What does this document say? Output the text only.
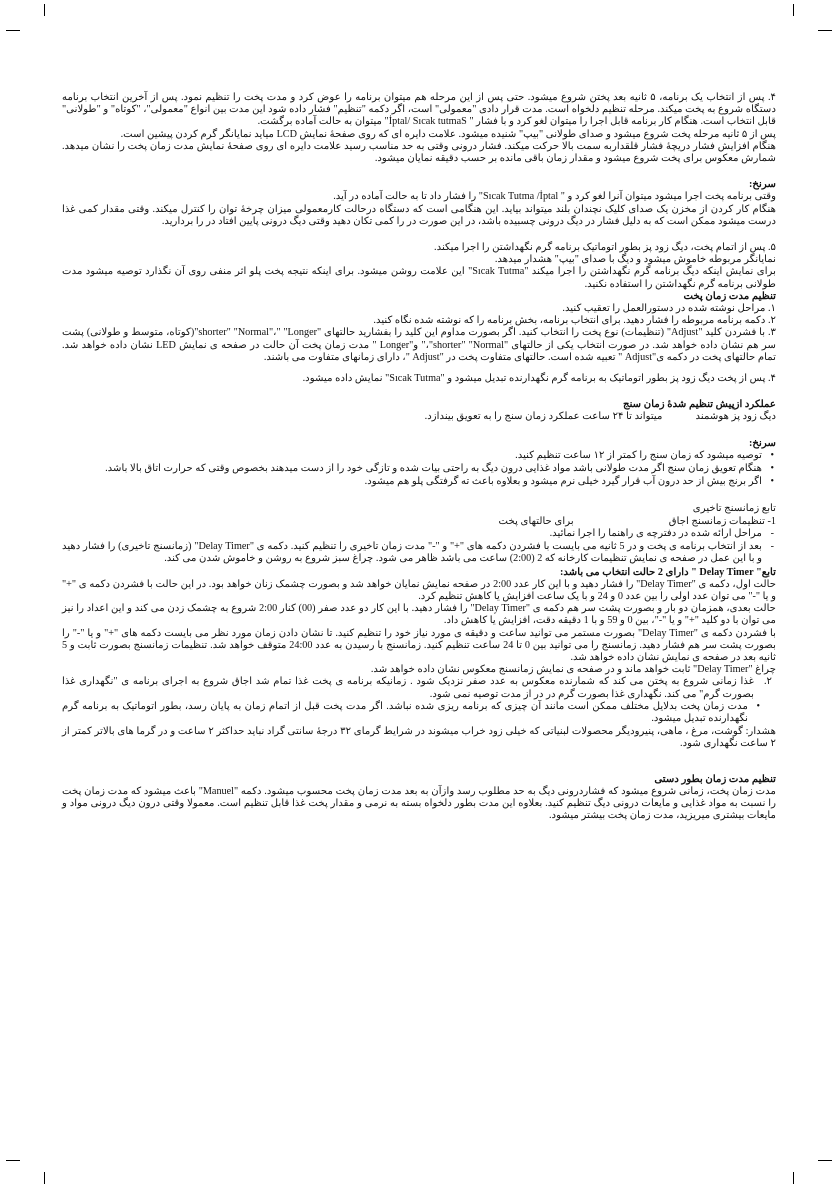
۴. پس از انتخاب یک برنامه، ۵ ثانیه بعد پختن شروع میشود. حتی پس از این مرحله هم میتوان برنامه را عوض کرد و مدت پخت را تنظیم نمود. پس از آخرین انتخاب برنامه دستگاه شروع به پخت میکند. مرحله تنظیم دلخواه است. مدت قرار دادی "معمولی" است، اگر دکمه "تنظیم" فشار داده شود این مدت بین انواع "معمولی"، "کوتاه" و "طولانی" قابل انتخاب است. هنگام کار برنامه قابل اجرا را میتوان لغو کرد و با فشار " İptal/ Sıcak tutmaS" میتوان به حالت آماده برگشت.

پس از ۵ ثانیه مرحله پخت شروع میشود و صدای طولانی "بیپ" شنیده میشود. علامت دایره ای که روی صفحهٔ نمایش LCD میاید نمایانگر گرم کردن پیشین است.

هنگام افزایش فشار دریچهٔ فشار قلقداربه سمت بالا حرکت میکند. فشار درونی وقتی به حد مناسب رسید علامت دایره ای روی صفحهٔ نمایش مدت زمان پخت را نشان میدهد. شمارش معکوس برای پخت شروع میشود و مقدار زمان باقی مانده بر حسب دقیقه نمایان میشود.

سرنخ:

وقتی برنامه پخت اجرا میشود میتوان آنرا لغو کرد و " Sıcak Tutma /İptal" را فشار داد تا به حالت آماده در آید.

هنگام کار کردن از مخزن یک صدای کلیک نچندان بلند میتواند بیاید. این هنگامی است که دستگاه درحالت کارمعمولی میزان چرخهٔ توان را کنترل میکند. وقتی مقدار کمی غذا درست میشود ممکن است که به دلیل فشار در دیگ درونی چسبیده باشد، در این صورت در را کمی تکان دهید وقتی دیگ درونی پایین افتاد در را بردارید.

۵. پس از اتمام پخت، دیگ زود پز بطور اتوماتیک برنامه گرم نگهداشتن را اجرا میکند.

نمایانگر مربوطه خاموش میشود و دیگ با صدای "بیپ" هشدار میدهد.

برای نمایش اینکه دیگ برنامه گرم نگهداشتن را اجرا میکند "Sıcak Tutma" این علامت روشن میشود. برای اینکه نتیجه پخت پلو اثر منفی روی آن نگذارد توصیه میشود مدت طولانی برنامه گرم نگهداشتن را استفاده نکنید.

تنظیم مدت زمان پخت

۱. مراحل نوشته شده در دستورالعمل را تعقیب کنید.

۲. دکمه برنامه مربوطه را فشار دهید. برای انتخاب برنامه، بخش برنامه را که نوشته شده نگاه کنید.

۳. با فشردن کلید "Adjust" (تنظیمات) نوع پخت را انتخاب کنید. اگر بصورت مداوم این کلید را بفشارید حالتهای "shorter" "Normal"،" "Longer"(کوتاه، متوسط و طولانی) پشت سر هم نشان داده خواهد شد. در صورت انتخاب یکی از حالتهای "shorter" "Normal"،" و"Longer " مدت زمان پخت آن حالت در صفحه ی نمایش LED نشان داده خواهد شد. تمام حالتهای پخت در دکمه ی"Adjust " تعبیه شده است. حالتهای متفاوت پخت در "Adjust "، دارای زمانهای متفاوت می باشند.

۴. پس از پخت دیگ زود پز بطور اتوماتیک به برنامه گرم نگهدارنده تبدیل میشود و "Sıcak Tutma" نمایش داده میشود.

عملکرد ازپیش تنظیم شدهٔ زمان سنج

دیگ زود پز هوشمند  میتواند تا ۲۴ ساعت عملکرد زمان سنج را به تعویق بیندازد.

سرنخ:

• توصیه میشود که زمان سنج را کمتر از ۱۲ ساعت تنظیم کنید.
• هنگام تعویق زمان سنج اگر مدت طولانی باشد مواد غذایی درون دیگ به راحتی بیات شده و تازگی خود را از دست میدهند بخصوص وقتی که حرارت اتاق بالا باشد.
• اگر برنج بیش از حد درون آب قرار گیرد خیلی نرم میشود و بعلاوه باعث ته گرفتگی پلو هم میشود.

تابع زمانسنج تاخیری

1- تنظیمات زمانسنج اجاق  برای حالتهای پخت

- مراحل ارائه شده در دفترچه ی راهنما را اجرا نمائید.
- بعد از انتخاب برنامه ی پخت و در 5 ثانیه می بایست با فشردن دکمه های "+" و "-" مدت زمان تاخیری را تنظیم کنید. دکمه ی "Delay Timer" (زمانسنج تاخیری) را فشار دهید و با این عمل در صفحه ی نمایش تنظیمات کارخانه که 2 (2:00) ساعت می باشد ظاهر می شود. چراغ سبز شروع به روشن و خاموش شدن می کند.

تابع" Delay Timer " دارای 2 حالت انتخاب می باشد:

حالت اول، دکمه ی "Delay Timer" را فشار دهید و با این کار عدد 2:00 در صفحه نمایش نمایان خواهد شد و بصورت چشمک زنان خواهد بود. در این حالت با فشردن دکمه ی "+" و یا "-" می توان عدد اولی را بین عدد 0 و 24 و با یک ساعت افزایش یا کاهش تنظیم کرد.

حالت بعدی، همزمان دو بار و بصورت پشت سر هم دکمه ی "Delay Timer" را فشار دهید. با این کار دو عدد صفر (00) کنار 2:00 شروع به چشمک زدن می کند و این اعداد را نیز می توان با دو کلید "+" و یا "-"، بین 0 و 59 و با 1 دقیقه دقت، افزایش یا کاهش داد.

با فشردن دکمه ی "Delay Timer" بصورت مستمر می توانید ساعت و دقیقه ی مورد نیاز خود را تنظیم کنید. تا نشان دادن زمان مورد نظر می بایست دکمه های "+" و یا "-" را بصورت پشت سر هم فشار دهید. زمانسنج را می توانید بین 0 تا 24 ساعت تنظیم کنید. زمانسنج با رسیدن به عدد 24:00 متوقف خواهد شد. تنظیمات زمانسنج بصورت ثابت و 5 ثانیه بعد در صفحه ی نمایش نشان داده خواهد شد.

چراغ "Delay Timer" ثابت خواهد ماند و در صفحه ی نمایش زمانسنج معکوس نشان داده خواهد شد.

۲.
غذا زمانی شروع به پختن می کند که شمارنده معکوس به عدد صفر نزدیک شود . زمانیکه برنامه ی پخت غذا تمام شد اجاق شروع به اجرای برنامه ی "نگهداری غذا بصورت گرم" می کند. نگهداری غذا بصورت گرم در در از مدت توصیه نمی شود.

• مدت زمان پخت بدلایل مختلف ممکن است مانند آن چیزی که برنامه ریزی شده نباشد. اگر مدت پخت قبل از اتمام زمان به پایان رسد، بطور اتوماتیک به برنامه گرم نگهدارنده تبدیل میشود.

هشدار: گوشت، مرغ ، ماهی، پنیرودیگر محصولات لبنیاتی که خیلی زود خراب میشوند در شرایط گرمای ۳۲ درجهٔ سانتی گراد نباید حداکثر ۲ ساعت و در گرما های بالاتر کمتر از ۲ ساعت نگهداری شود.

تنظیم مدت زمان بطور دستی

مدت زمان پخت، زمانی شروع میشود که فشاردرونی دیگ به حد مطلوب رسد وازآن به بعد مدت زمان پخت محسوب میشود. دکمه "Manuel" باعث میشود که مدت زمان پخت را نسبت به مواد غذایی و مایعات درونی دیگ تنظیم کنید. بعلاوه این مدت بطور دلخواه بسته به نرمی و مقدار پخت غذا قابل تنظیم است. معمولا وقتی درون دیگ درونی مواد و مایعات بیشتری میریزید، مدت زمان پخت بیشتر میشود.
